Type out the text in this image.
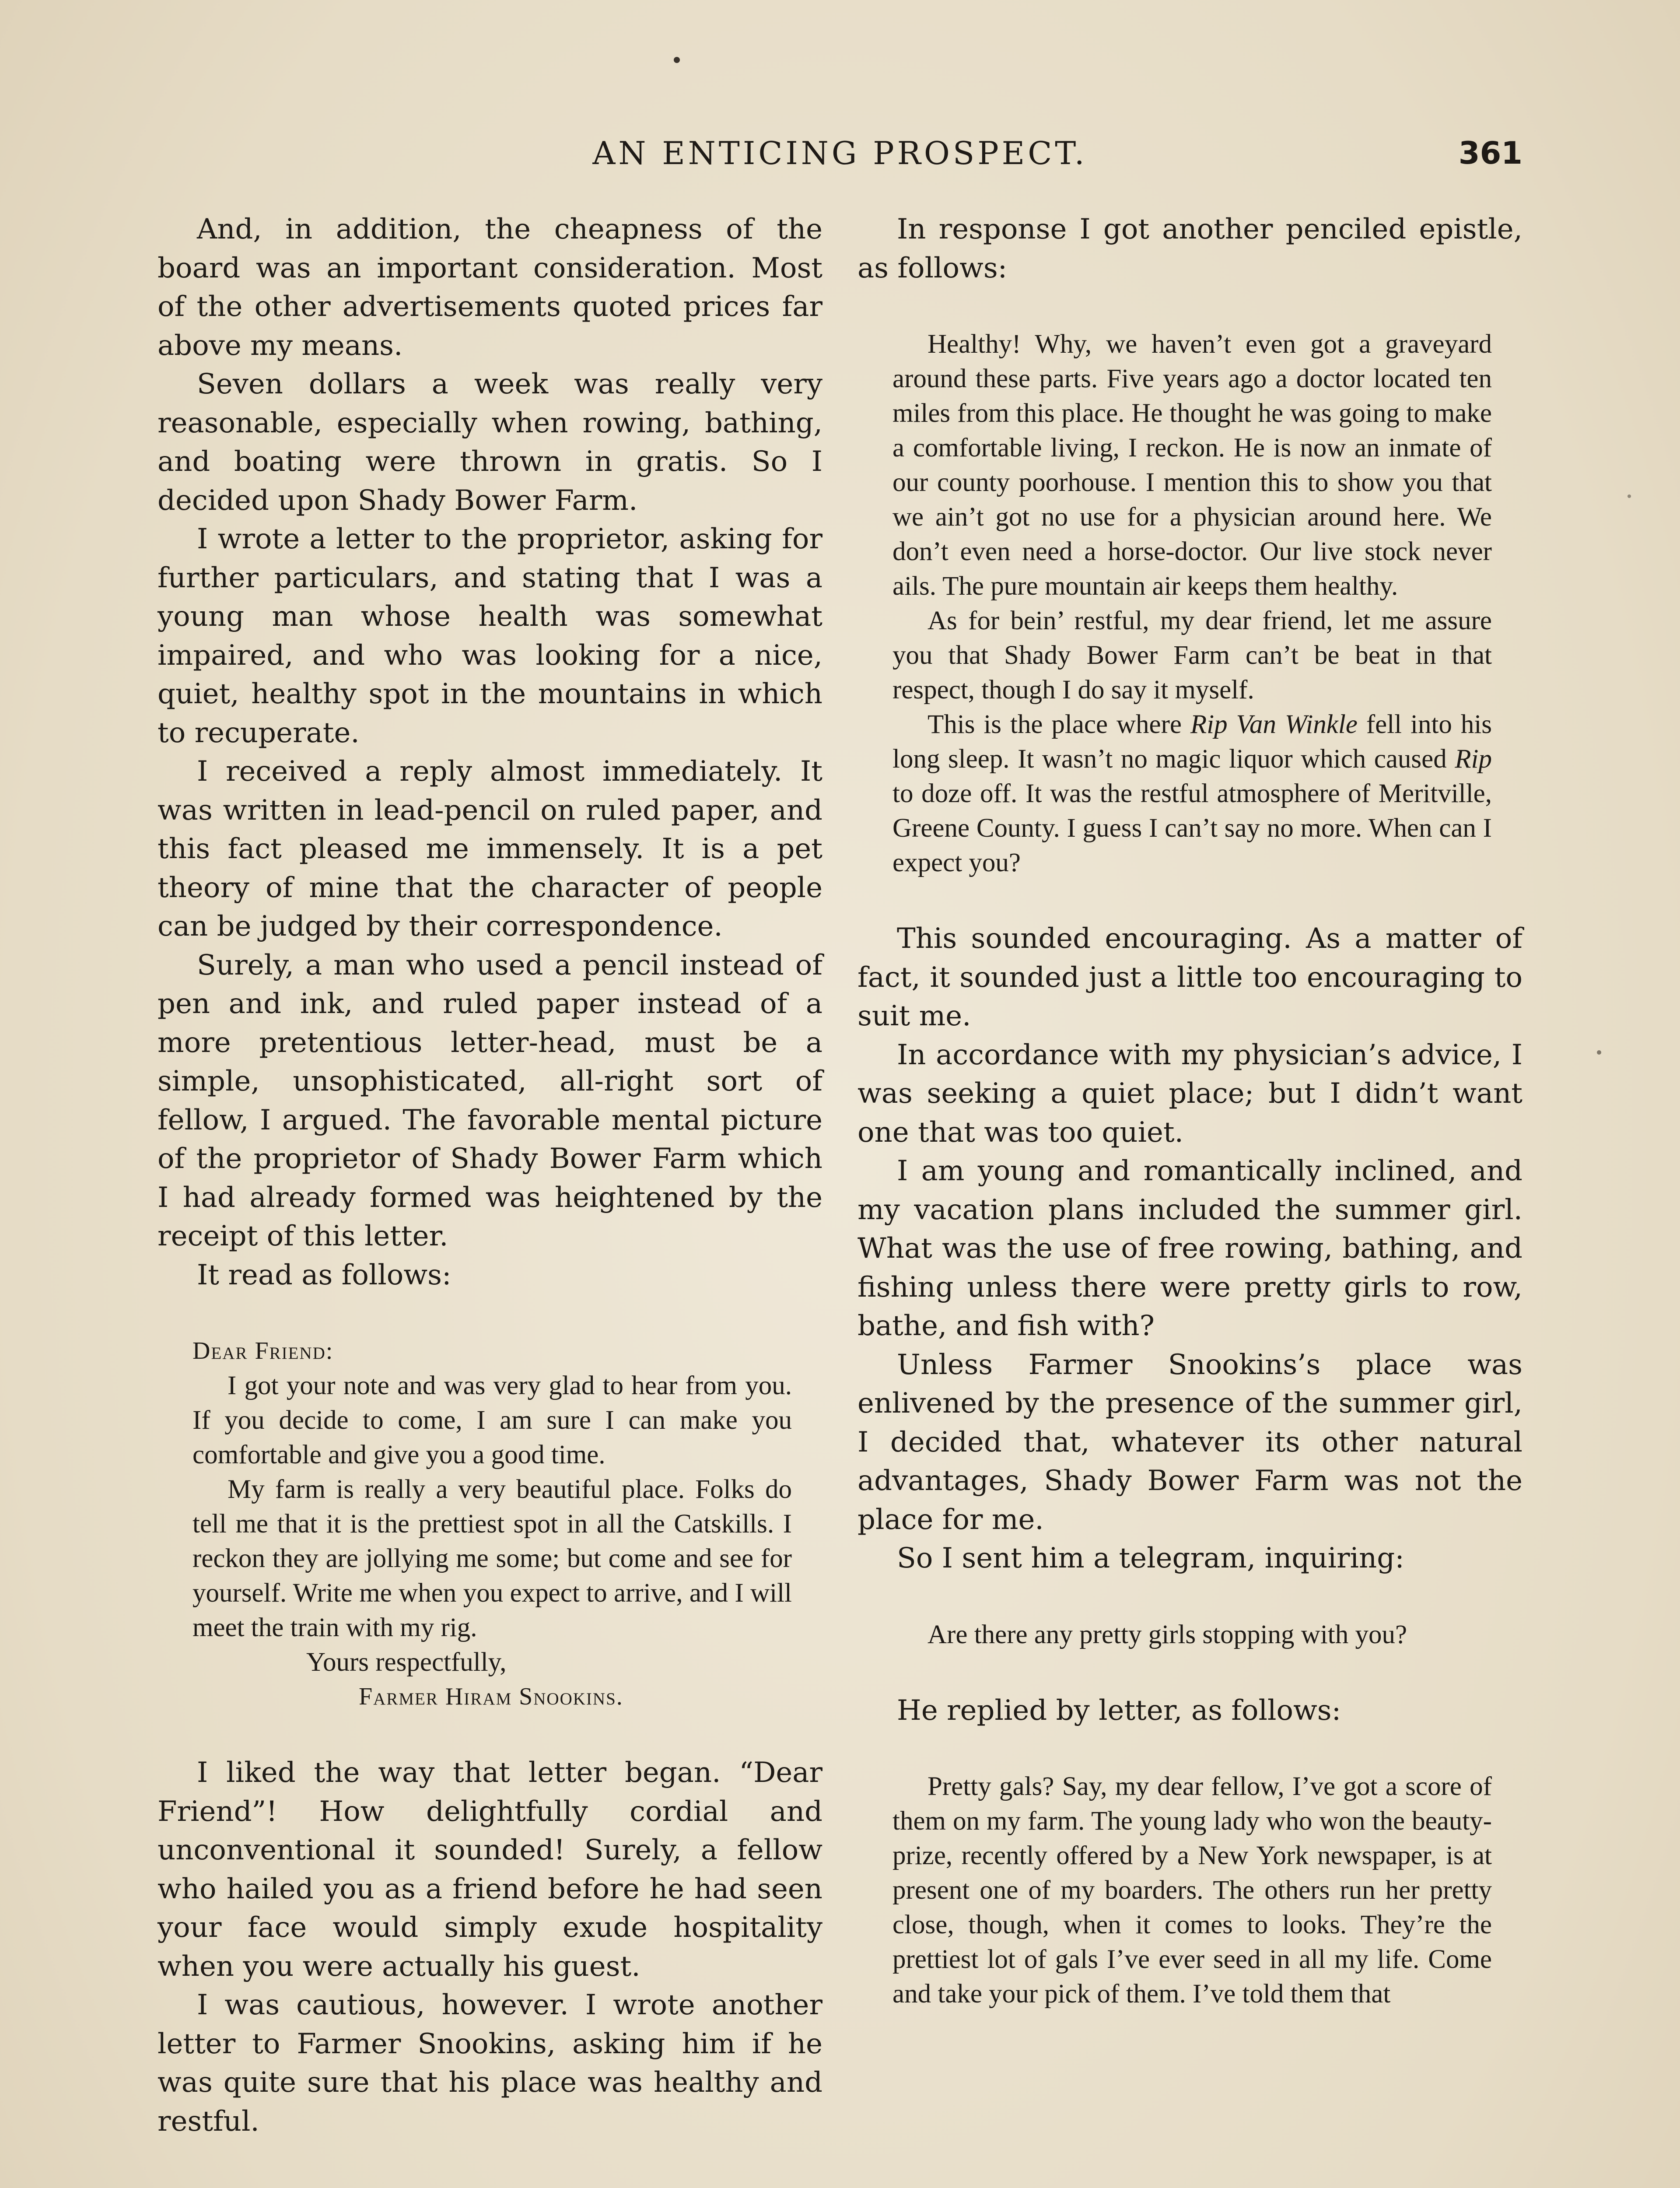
AN ENTICING PROSPECT.	361

And, in addition, the cheapness of the board was an important consideration. Most of the other advertisements quoted prices far above my means.

Seven dollars a week was really very reasonable, especially when rowing, bathing, and boating were thrown in gratis. So I decided upon Shady Bower Farm.

I wrote a letter to the proprietor, asking for further particulars, and stating that I was a young man whose health was somewhat impaired, and who was looking for a nice, quiet, healthy spot in the mountains in which to recuperate.

I received a reply almost immediately. It was written in lead-pencil on ruled paper, and this fact pleased me immensely. It is a pet theory of mine that the character of people can be judged by their correspondence.

Surely, a man who used a pencil instead of pen and ink, and ruled paper instead of a more pretentious letter-head, must be a simple, unsophisticated, all-right sort of fellow, I argued. The favorable mental picture of the proprietor of Shady Bower Farm which I had already formed was heightened by the receipt of this letter.

It read as follows:

Dear Friend:

I got your note and was very glad to hear from you. If you decide to come, I am sure I can make you comfortable and give you a good time.

My farm is really a very beautiful place. Folks do tell me that it is the prettiest spot in all the Catskills. I reckon they are jollying me some; but come and see for yourself. Write me when you expect to arrive, and I will meet the train with my rig.

Yours respectfully,

Farmer Hiram Snookins.

I liked the way that letter began. “Dear Friend”! How delightfully cordial and unconventional it sounded! Surely, a fellow who hailed you as a friend before he had seen your face would simply exude hospitality when you were actually his guest.

I was cautious, however. I wrote another letter to Farmer Snookins, asking him if he was quite sure that his place was healthy and restful.

In response I got another penciled epistle, as follows:

Healthy! Why, we haven’t even got a graveyard around these parts. Five years ago a doctor located ten miles from this place. He thought he was going to make a comfortable living, I reckon. He is now an inmate of our county poorhouse. I mention this to show you that we ain’t got no use for a physician around here. We don’t even need a horse-doctor. Our live stock never ails. The pure mountain air keeps them healthy.

As for bein’ restful, my dear friend, let me assure you that Shady Bower Farm can’t be beat in that respect, though I do say it myself.

This is the place where Rip Van Winkle fell into his long sleep. It wasn’t no magic liquor which caused Rip to doze off. It was the restful atmosphere of Meritville, Greene County. I guess I can’t say no more. When can I expect you?

This sounded encouraging. As a matter of fact, it sounded just a little too encouraging to suit me.

In accordance with my physician’s advice, I was seeking a quiet place; but I didn’t want one that was too quiet.

I am young and romantically inclined, and my vacation plans included the summer girl. What was the use of free rowing, bathing, and fishing unless there were pretty girls to row, bathe, and fish with?

Unless Farmer Snookins’s place was enlivened by the presence of the summer girl, I decided that, whatever its other natural advantages, Shady Bower Farm was not the place for me.

So I sent him a telegram, inquiring:

Are there any pretty girls stopping with you?

He replied by letter, as follows:

Pretty gals? Say, my dear fellow, I’ve got a score of them on my farm. The young lady who won the beauty-prize, recently offered by a New York newspaper, is at present one of my boarders. The others run her pretty close, though, when it comes to looks. They’re the prettiest lot of gals I’ve ever seed in all my life. Come and take your pick of them. I’ve told them that
